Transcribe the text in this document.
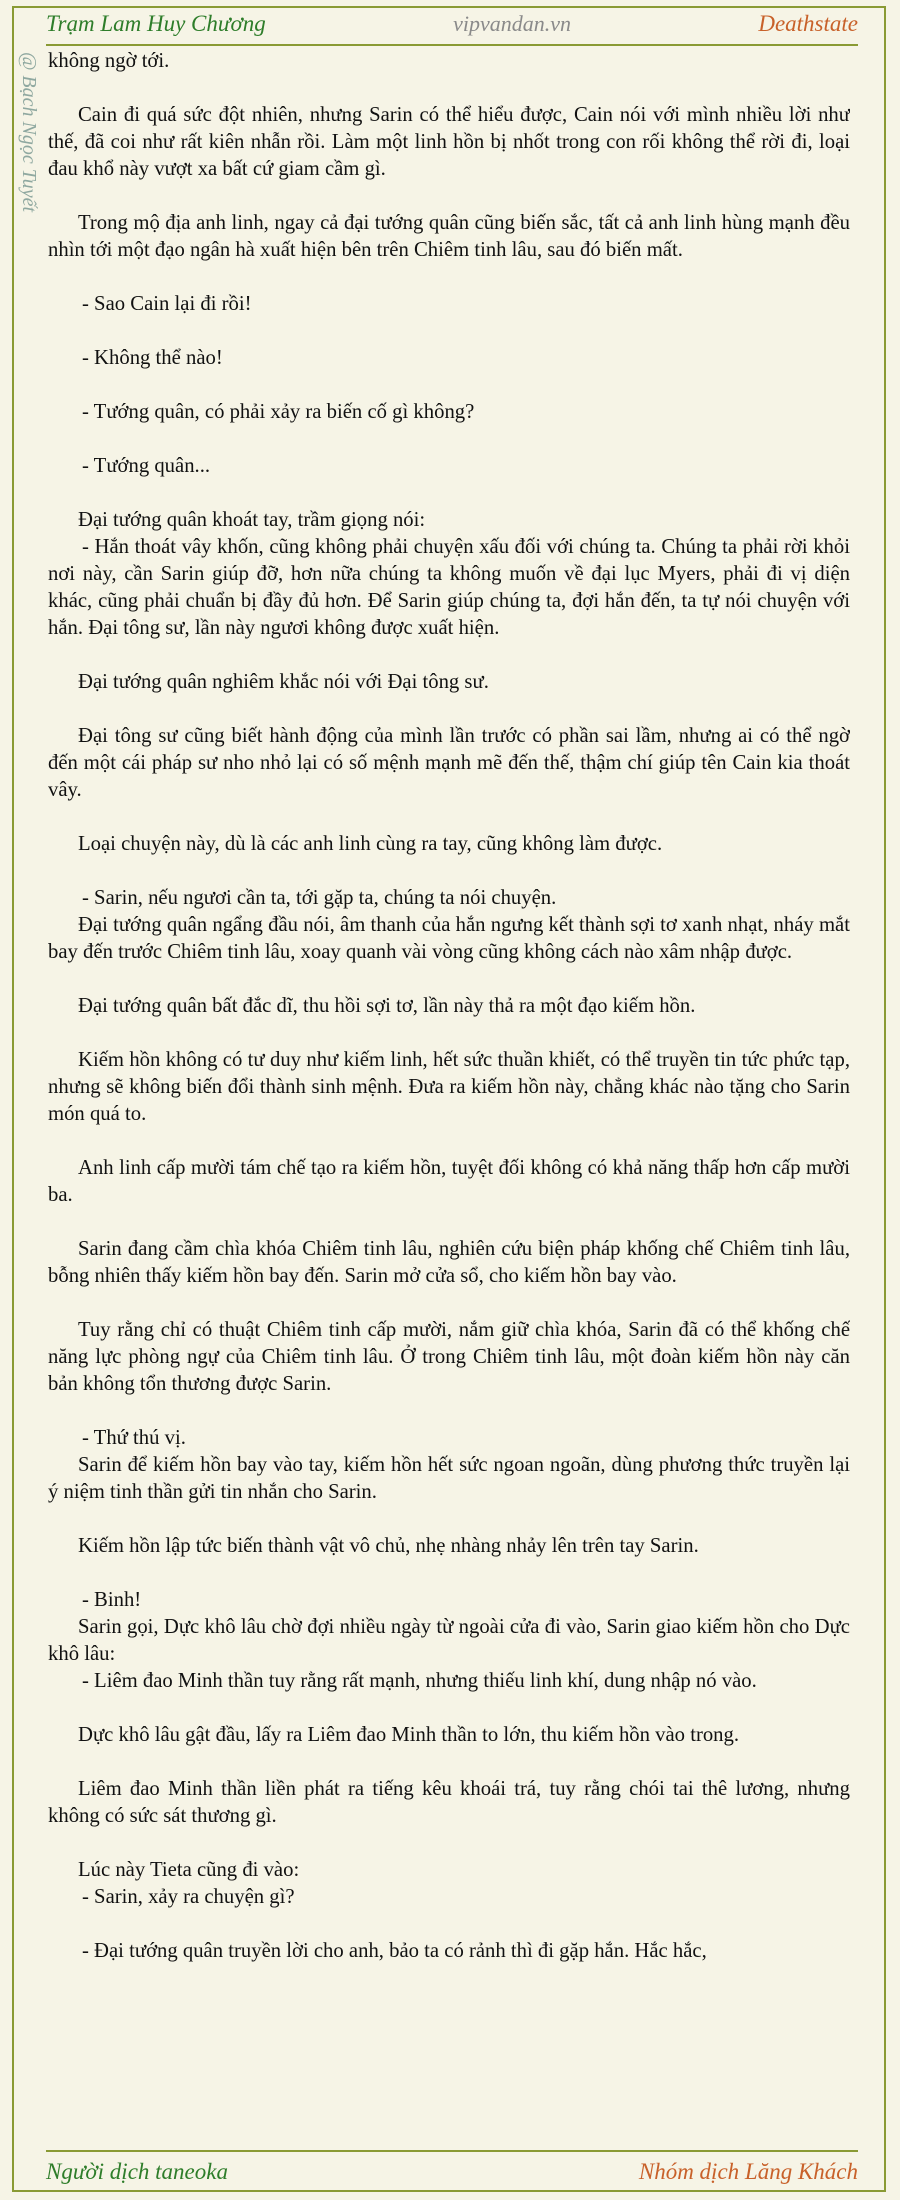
Trạm Lam Huy Chương	vipvandan.vn	Deathstate
@ Bạch Ngọc Tuyết không ngờ tới.

Cain đi quá sức đột nhiên, nhưng Sarin có thể hiểu được, Cain nói với mình nhiều lời như thế, đã coi như rất kiên nhẫn rồi. Làm một linh hồn bị nhốt trong con rối không thể rời đi, loại đau khổ này vượt xa bất cứ giam cầm gì.

Trong mộ địa anh linh, ngay cả đại tướng quân cũng biến sắc, tất cả anh linh hùng mạnh đều nhìn tới một đạo ngân hà xuất hiện bên trên Chiêm tinh lâu, sau đó biến mất.

- Sao Cain lại đi rồi!

- Không thể nào!

- Tướng quân, có phải xảy ra biến cố gì không?

- Tướng quân...

Đại tướng quân khoát tay, trầm giọng nói:

- Hắn thoát vây khốn, cũng không phải chuyện xấu đối với chúng ta. Chúng ta phải rời khỏi nơi này, cần Sarin giúp đỡ, hơn nữa chúng ta không muốn về đại lục Myers, phải đi vị diện khác, cũng phải chuẩn bị đầy đủ hơn. Để Sarin giúp chúng ta, đợi hắn đến, ta tự nói chuyện với hắn. Đại tông sư, lần này ngươi không được xuất hiện.

Đại tướng quân nghiêm khắc nói với Đại tông sư.

Đại tông sư cũng biết hành động của mình lần trước có phần sai lầm, nhưng ai có thể ngờ đến một cái pháp sư nho nhỏ lại có số mệnh mạnh mẽ đến thế, thậm chí giúp tên Cain kia thoát vây.

Loại chuyện này, dù là các anh linh cùng ra tay, cũng không làm được.

- Sarin, nếu ngươi cần ta, tới gặp ta, chúng ta nói chuyện.

Đại tướng quân ngẩng đầu nói, âm thanh của hắn ngưng kết thành sợi tơ xanh nhạt, nháy mắt bay đến trước Chiêm tinh lâu, xoay quanh vài vòng cũng không cách nào xâm nhập được.

Đại tướng quân bất đắc dĩ, thu hồi sợi tơ, lần này thả ra một đạo kiếm hồn.

Kiếm hồn không có tư duy như kiếm linh, hết sức thuần khiết, có thể truyền tin tức phức tạp, nhưng sẽ không biến đổi thành sinh mệnh. Đưa ra kiếm hồn này, chẳng khác nào tặng cho Sarin món quá to.

Anh linh cấp mười tám chế tạo ra kiếm hồn, tuyệt đối không có khả năng thấp hơn cấp mười ba.

Sarin đang cầm chìa khóa Chiêm tinh lâu, nghiên cứu biện pháp khống chế Chiêm tinh lâu, bỗng nhiên thấy kiếm hồn bay đến. Sarin mở cửa sổ, cho kiếm hồn bay vào.

Tuy rằng chỉ có thuật Chiêm tinh cấp mười, nắm giữ chìa khóa, Sarin đã có thể khống chế năng lực phòng ngự của Chiêm tinh lâu. Ở trong Chiêm tinh lâu, một đoàn kiếm hồn này căn bản không tổn thương được Sarin.

- Thứ thú vị.

Sarin để kiếm hồn bay vào tay, kiếm hồn hết sức ngoan ngoãn, dùng phương thức truyền lại ý niệm tinh thần gửi tin nhắn cho Sarin.

Kiếm hồn lập tức biến thành vật vô chủ, nhẹ nhàng nhảy lên trên tay Sarin.

- Binh!

Sarin gọi, Dực khô lâu chờ đợi nhiều ngày từ ngoài cửa đi vào, Sarin giao kiếm hồn cho Dực khô lâu:

- Liêm đao Minh thần tuy rằng rất mạnh, nhưng thiếu linh khí, dung nhập nó vào.

Dực khô lâu gật đầu, lấy ra Liêm đao Minh thần to lớn, thu kiếm hồn vào trong.

Liêm đao Minh thần liền phát ra tiếng kêu khoái trá, tuy rằng chói tai thê lương, nhưng không có sức sát thương gì.

Lúc này Tieta cũng đi vào:

- Sarin, xảy ra chuyện gì?

- Đại tướng quân truyền lời cho anh, bảo ta có rảnh thì đi gặp hắn. Hắc hắc,

Người dịch taneoka	Nhóm dịch Lăng Khách
